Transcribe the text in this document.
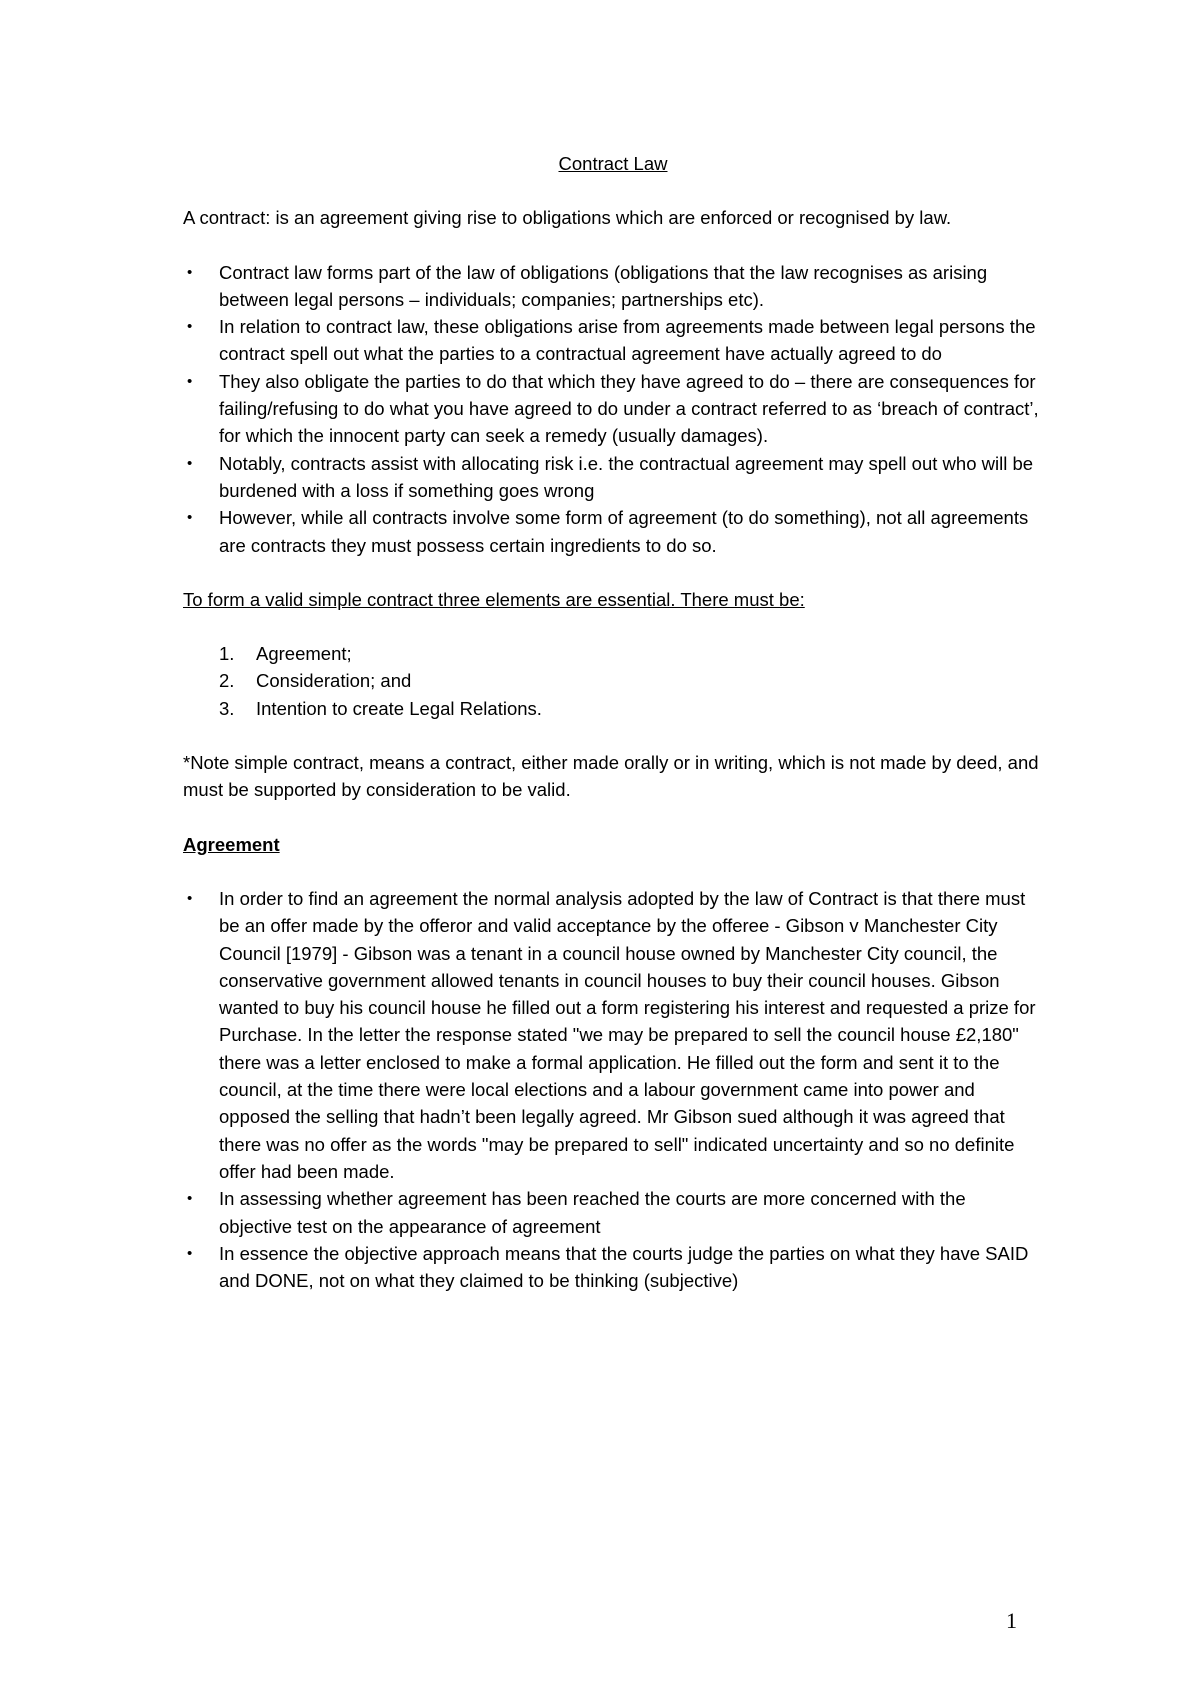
Contract Law

A contract: is an agreement giving rise to obligations which are enforced or recognised by law.

• Contract law forms part of the law of obligations (obligations that the law recognises as arising between legal persons – individuals; companies; partnerships etc).
• In relation to contract law, these obligations arise from agreements made between legal persons the contract spell out what the parties to a contractual agreement have actually agreed to do
• They also obligate the parties to do that which they have agreed to do – there are consequences for failing/refusing to do what you have agreed to do under a contract referred to as ‘breach of contract’, for which the innocent party can seek a remedy (usually damages).
• Notably, contracts assist with allocating risk i.e. the contractual agreement may spell out who will be burdened with a loss if something goes wrong
• However, while all contracts involve some form of agreement (to do something), not all agreements are contracts they must possess certain ingredients to do so.

To form a valid simple contract three elements are essential. There must be:

1. Agreement;
2. Consideration; and
3. Intention to create Legal Relations.

*Note simple contract, means a contract, either made orally or in writing, which is not made by deed, and must be supported by consideration to be valid.

Agreement

• In order to find an agreement the normal analysis adopted by the law of Contract is that there must be an offer made by the offeror and valid acceptance by the offeree - Gibson v Manchester City Council [1979] - Gibson was a tenant in a council house owned by Manchester City council, the conservative government allowed tenants in council houses to buy their council houses. Gibson wanted to buy his council house he filled out a form registering his interest and requested a prize for Purchase. In the letter the response stated "we may be prepared to sell the council house £2,180" there was a letter enclosed to make a formal application. He filled out the form and sent it to the council, at the time there were local elections and a labour government came into power and opposed the selling that hadn’t been legally agreed. Mr Gibson sued although it was agreed that there was no offer as the words "may be prepared to sell" indicated uncertainty and so no definite offer had been made.
• In assessing whether agreement has been reached the courts are more concerned with the objective test on the appearance of agreement
• In essence the objective approach means that the courts judge the parties on what they have SAID and DONE, not on what they claimed to be thinking (subjective)
1
